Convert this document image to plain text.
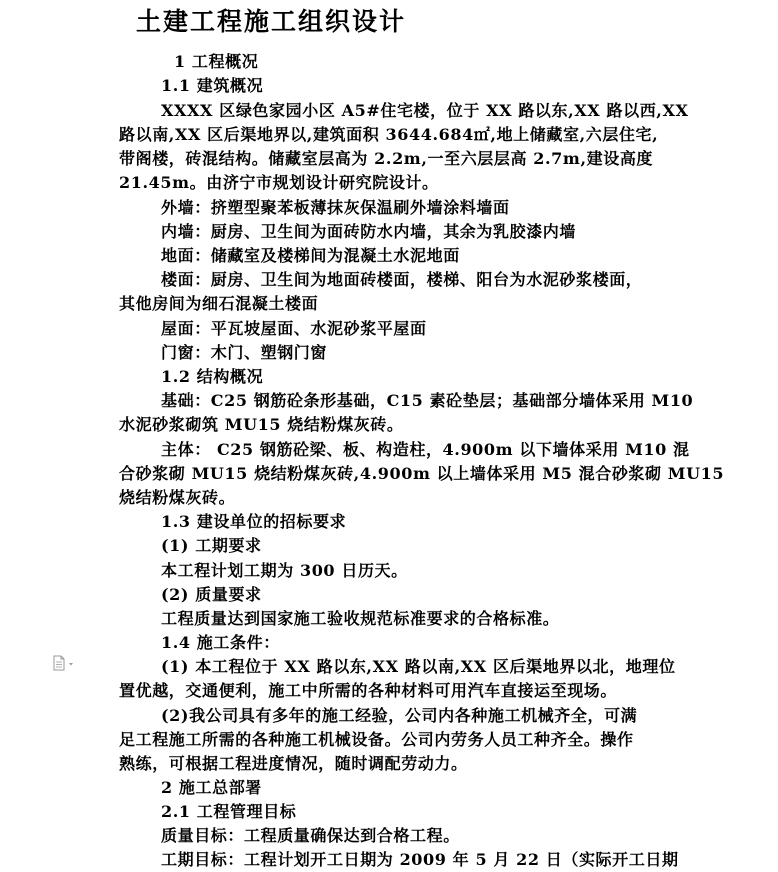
土建工程施工组织设计
1 工程概况
1.1 建筑概况
XXXX 区绿色家园小区 A5#住宅楼，位于 XX 路以东,XX 路以西,XX
路以南,XX 区后渠地界以,建筑面积 3644.684㎡,地上储藏室,六层住宅,
带阁楼，砖混结构。储藏室层高为 2.2m,一至六层层高 2.7m,建设高度
21.45m。由济宁市规划设计研究院设计。
外墙：挤塑型聚苯板薄抹灰保温刷外墙涂料墙面
内墙：厨房、卫生间为面砖防水内墙，其余为乳胶漆内墙
地面：储藏室及楼梯间为混凝土水泥地面
楼面：厨房、卫生间为地面砖楼面，楼梯、阳台为水泥砂浆楼面，
其他房间为细石混凝土楼面
屋面：平瓦坡屋面、水泥砂浆平屋面
门窗：木门、塑钢门窗
1.2 结构概况
基础：C25 钢筋砼条形基础，C15 素砼垫层；基础部分墙体采用 M10
水泥砂浆砌筑 MU15 烧结粉煤灰砖。
主体： C25 钢筋砼梁、板、构造柱，4.900m 以下墙体采用 M10 混
合砂浆砌 MU15 烧结粉煤灰砖,4.900m 以上墙体采用 M5 混合砂浆砌 MU15
烧结粉煤灰砖。
1.3 建设单位的招标要求
(1) 工期要求
本工程计划工期为 300 日历天。
(2) 质量要求
工程质量达到国家施工验收规范标准要求的合格标准。
1.4 施工条件：
(1) 本工程位于 XX 路以东,XX 路以南,XX 区后渠地界以北，地理位
置优越，交通便利，施工中所需的各种材料可用汽车直接运至现场。
(2)我公司具有多年的施工经验，公司内各种施工机械齐全，可满
足工程施工所需的各种施工机械设备。公司内劳务人员工种齐全。操作
熟练，可根据工程进度情况，随时调配劳动力。
2 施工总部署
2.1 工程管理目标
质量目标：工程质量确保达到合格工程。
工期目标：工程计划开工日期为 2009 年 5 月 22 日（实际开工日期
